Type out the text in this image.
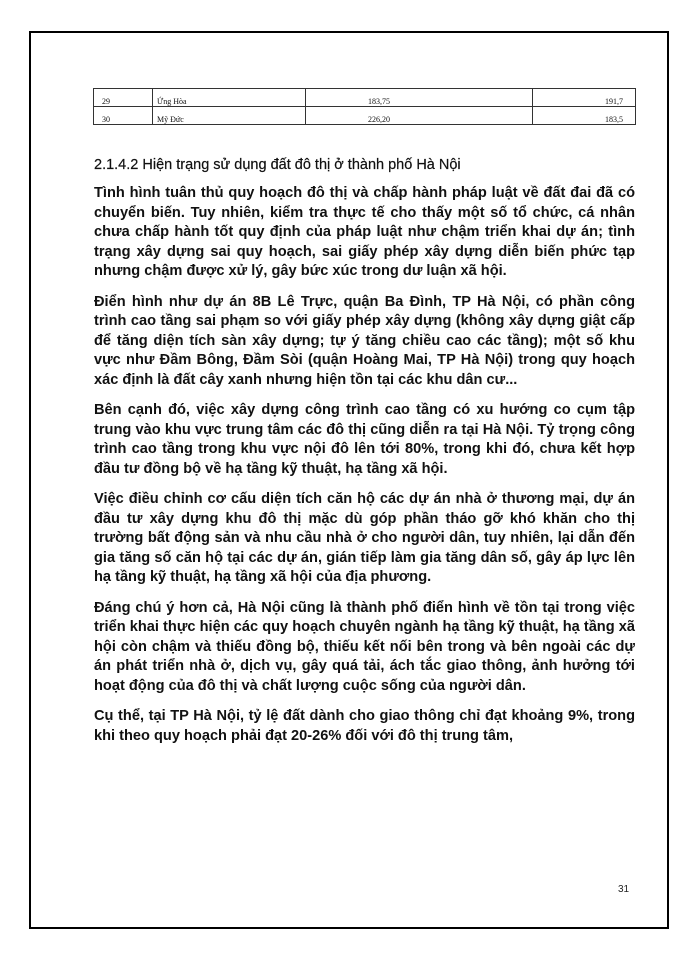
29	Ứng Hòa	183,75	191,7
30	Mỹ Đức	226,20	183,5
2.1.4.2 Hiện trạng sử dụng đất đô thị ở thành phố Hà Nội

Tình hình tuân thủ quy hoạch đô thị và chấp hành pháp luật về đất đai đã có chuyển biến. Tuy nhiên, kiểm tra thực tế cho thấy một số tổ chức, cá nhân chưa chấp hành tốt quy định của pháp luật như chậm triển khai dự án; tình trạng xây dựng sai quy hoạch, sai giấy phép xây dựng diễn biến phức tạp nhưng chậm được xử lý, gây bức xúc trong dư luận xã hội.

Điển hình như dự án 8B Lê Trực, quận Ba Đình, TP Hà Nội, có phần công trình cao tầng sai phạm so với giấy phép xây dựng (không xây dựng giật cấp để tăng diện tích sàn xây dựng; tự ý tăng chiều cao các tầng); một số khu vực như Đầm Bông, Đầm Sòi (quận Hoàng Mai, TP Hà Nội) trong quy hoạch xác định là đất cây xanh nhưng hiện tồn tại các khu dân cư...

Bên cạnh đó, việc xây dựng công trình cao tầng có xu hướng co cụm tập trung vào khu vực trung tâm các đô thị cũng diễn ra tại Hà Nội. Tỷ trọng công trình cao tầng trong khu vực nội đô lên tới 80%, trong khi đó, chưa kết hợp đầu tư đồng bộ về hạ tầng kỹ thuật, hạ tầng xã hội.

Việc điều chỉnh cơ cấu diện tích căn hộ các dự án nhà ở thương mại, dự án đầu tư xây dựng khu đô thị mặc dù góp phần tháo gỡ khó khăn cho thị trường bất động sản và nhu cầu nhà ở cho người dân, tuy nhiên, lại dẫn đến gia tăng số căn hộ tại các dự án, gián tiếp làm gia tăng dân số, gây áp lực lên hạ tầng kỹ thuật, hạ tầng xã hội của địa phương.

Đáng chú ý hơn cả, Hà Nội cũng là thành phố điển hình về tồn tại trong việc triển khai thực hiện các quy hoạch chuyên ngành hạ tầng kỹ thuật, hạ tầng xã hội còn chậm và thiếu đồng bộ, thiếu kết nối bên trong và bên ngoài các dự án phát triển nhà ở, dịch vụ, gây quá tải, ách tắc giao thông, ảnh hưởng tới hoạt động của đô thị và chất lượng cuộc sống của người dân.

Cụ thể, tại TP Hà Nội, tỷ lệ đất dành cho giao thông chỉ đạt khoảng 9%, trong khi theo quy hoạch phải đạt 20-26% đối với đô thị trung tâm,

31
